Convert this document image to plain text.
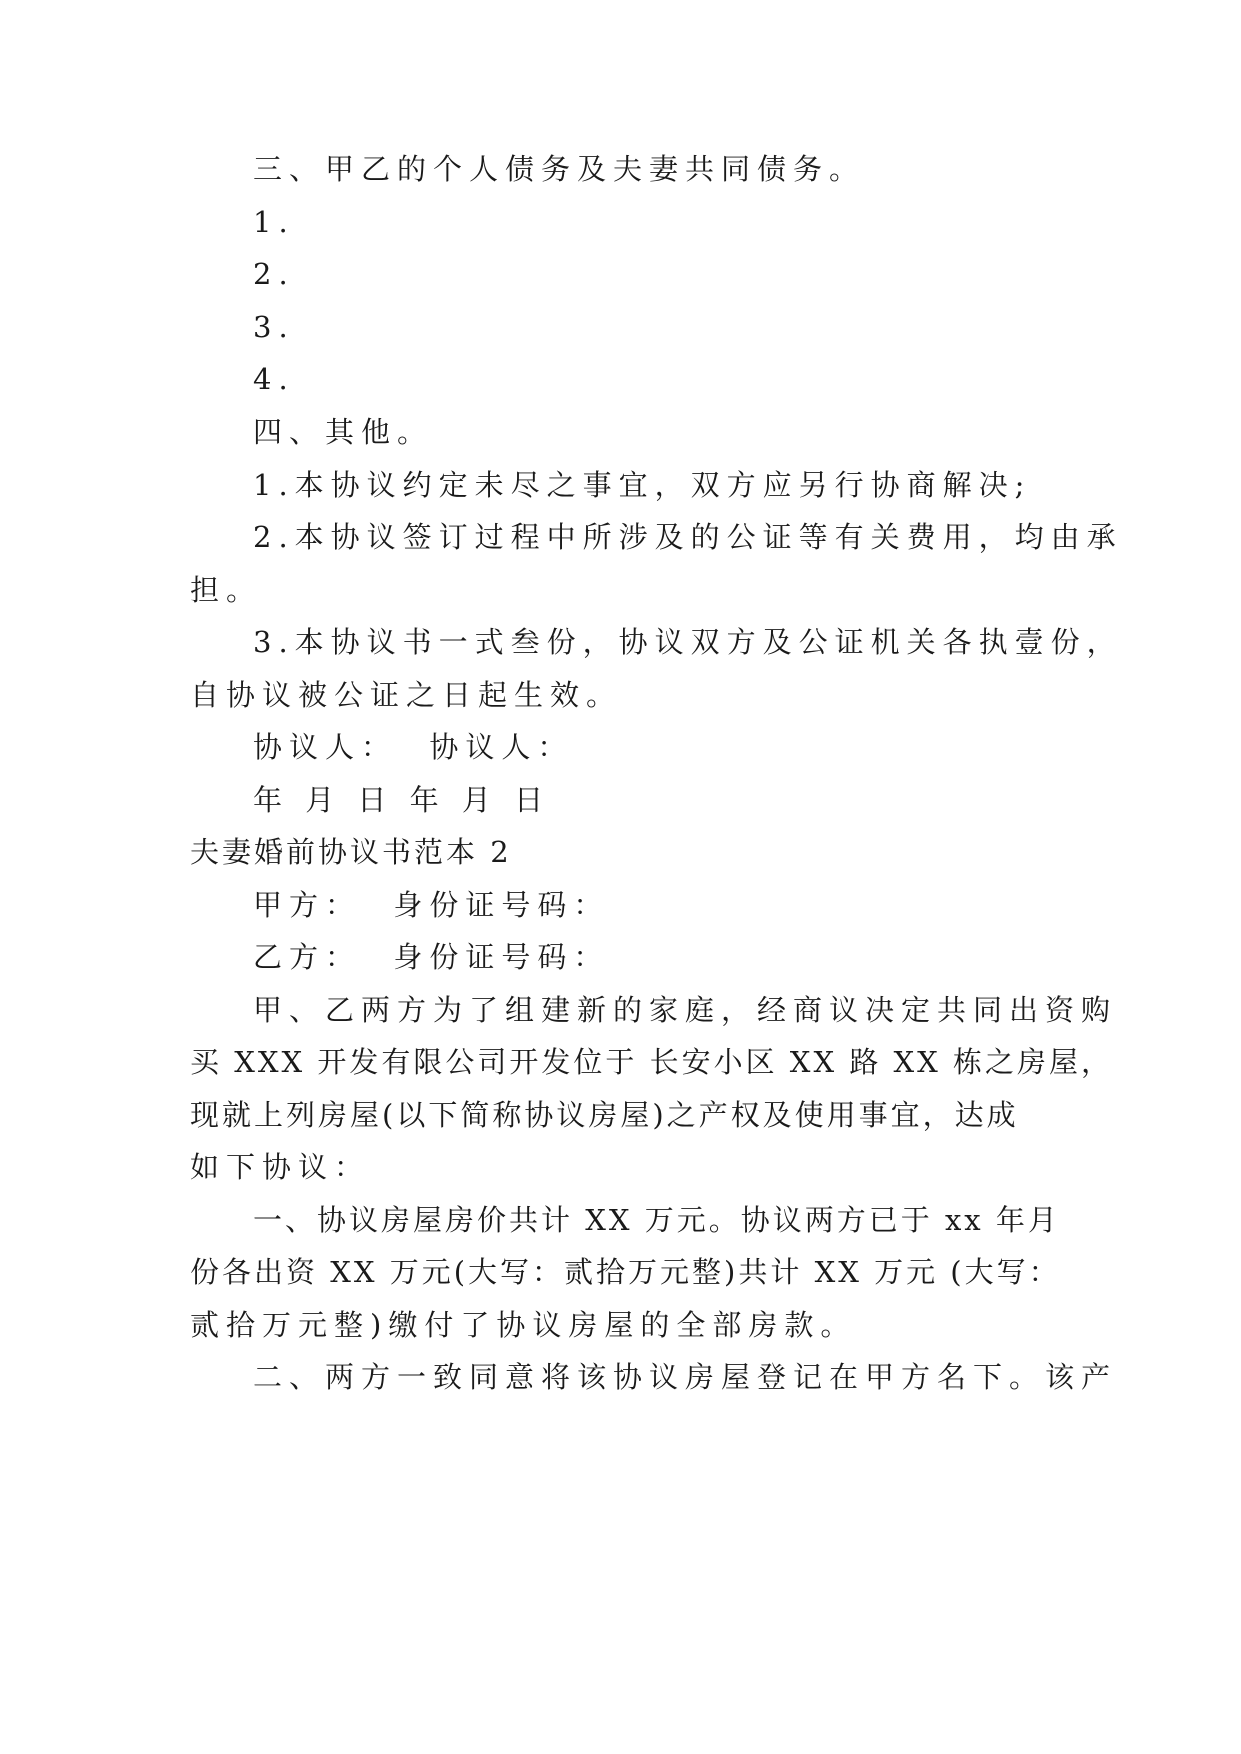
三、甲乙的个人债务及夫妻共同债务。
1.
2.
3.
4.
四、其他。
1.本协议约定未尽之事宜，双方应另行协商解决;
2.本协议签订过程中所涉及的公证等有关费用，均由承
担。
3.本协议书一式叁份，协议双方及公证机关各执壹份，
自协议被公证之日起生效。
协议人：  协议人：
年 月 日 年 月 日
夫妻婚前协议书范本 2
甲方：  身份证号码：
乙方：  身份证号码：
甲、乙两方为了组建新的家庭，经商议决定共同出资购
买 XXX 开发有限公司开发位于 长安小区 XX 路 XX 栋之房屋，
现就上列房屋(以下简称协议房屋)之产权及使用事宜，达成
如下协议：
一、协议房屋房价共计 XX 万元。协议两方已于 xx 年月
份各出资 XX 万元(大写：贰拾万元整)共计 XX 万元 (大写：
贰拾万元整)缴付了协议房屋的全部房款。
二、两方一致同意将该协议房屋登记在甲方名下。该产
